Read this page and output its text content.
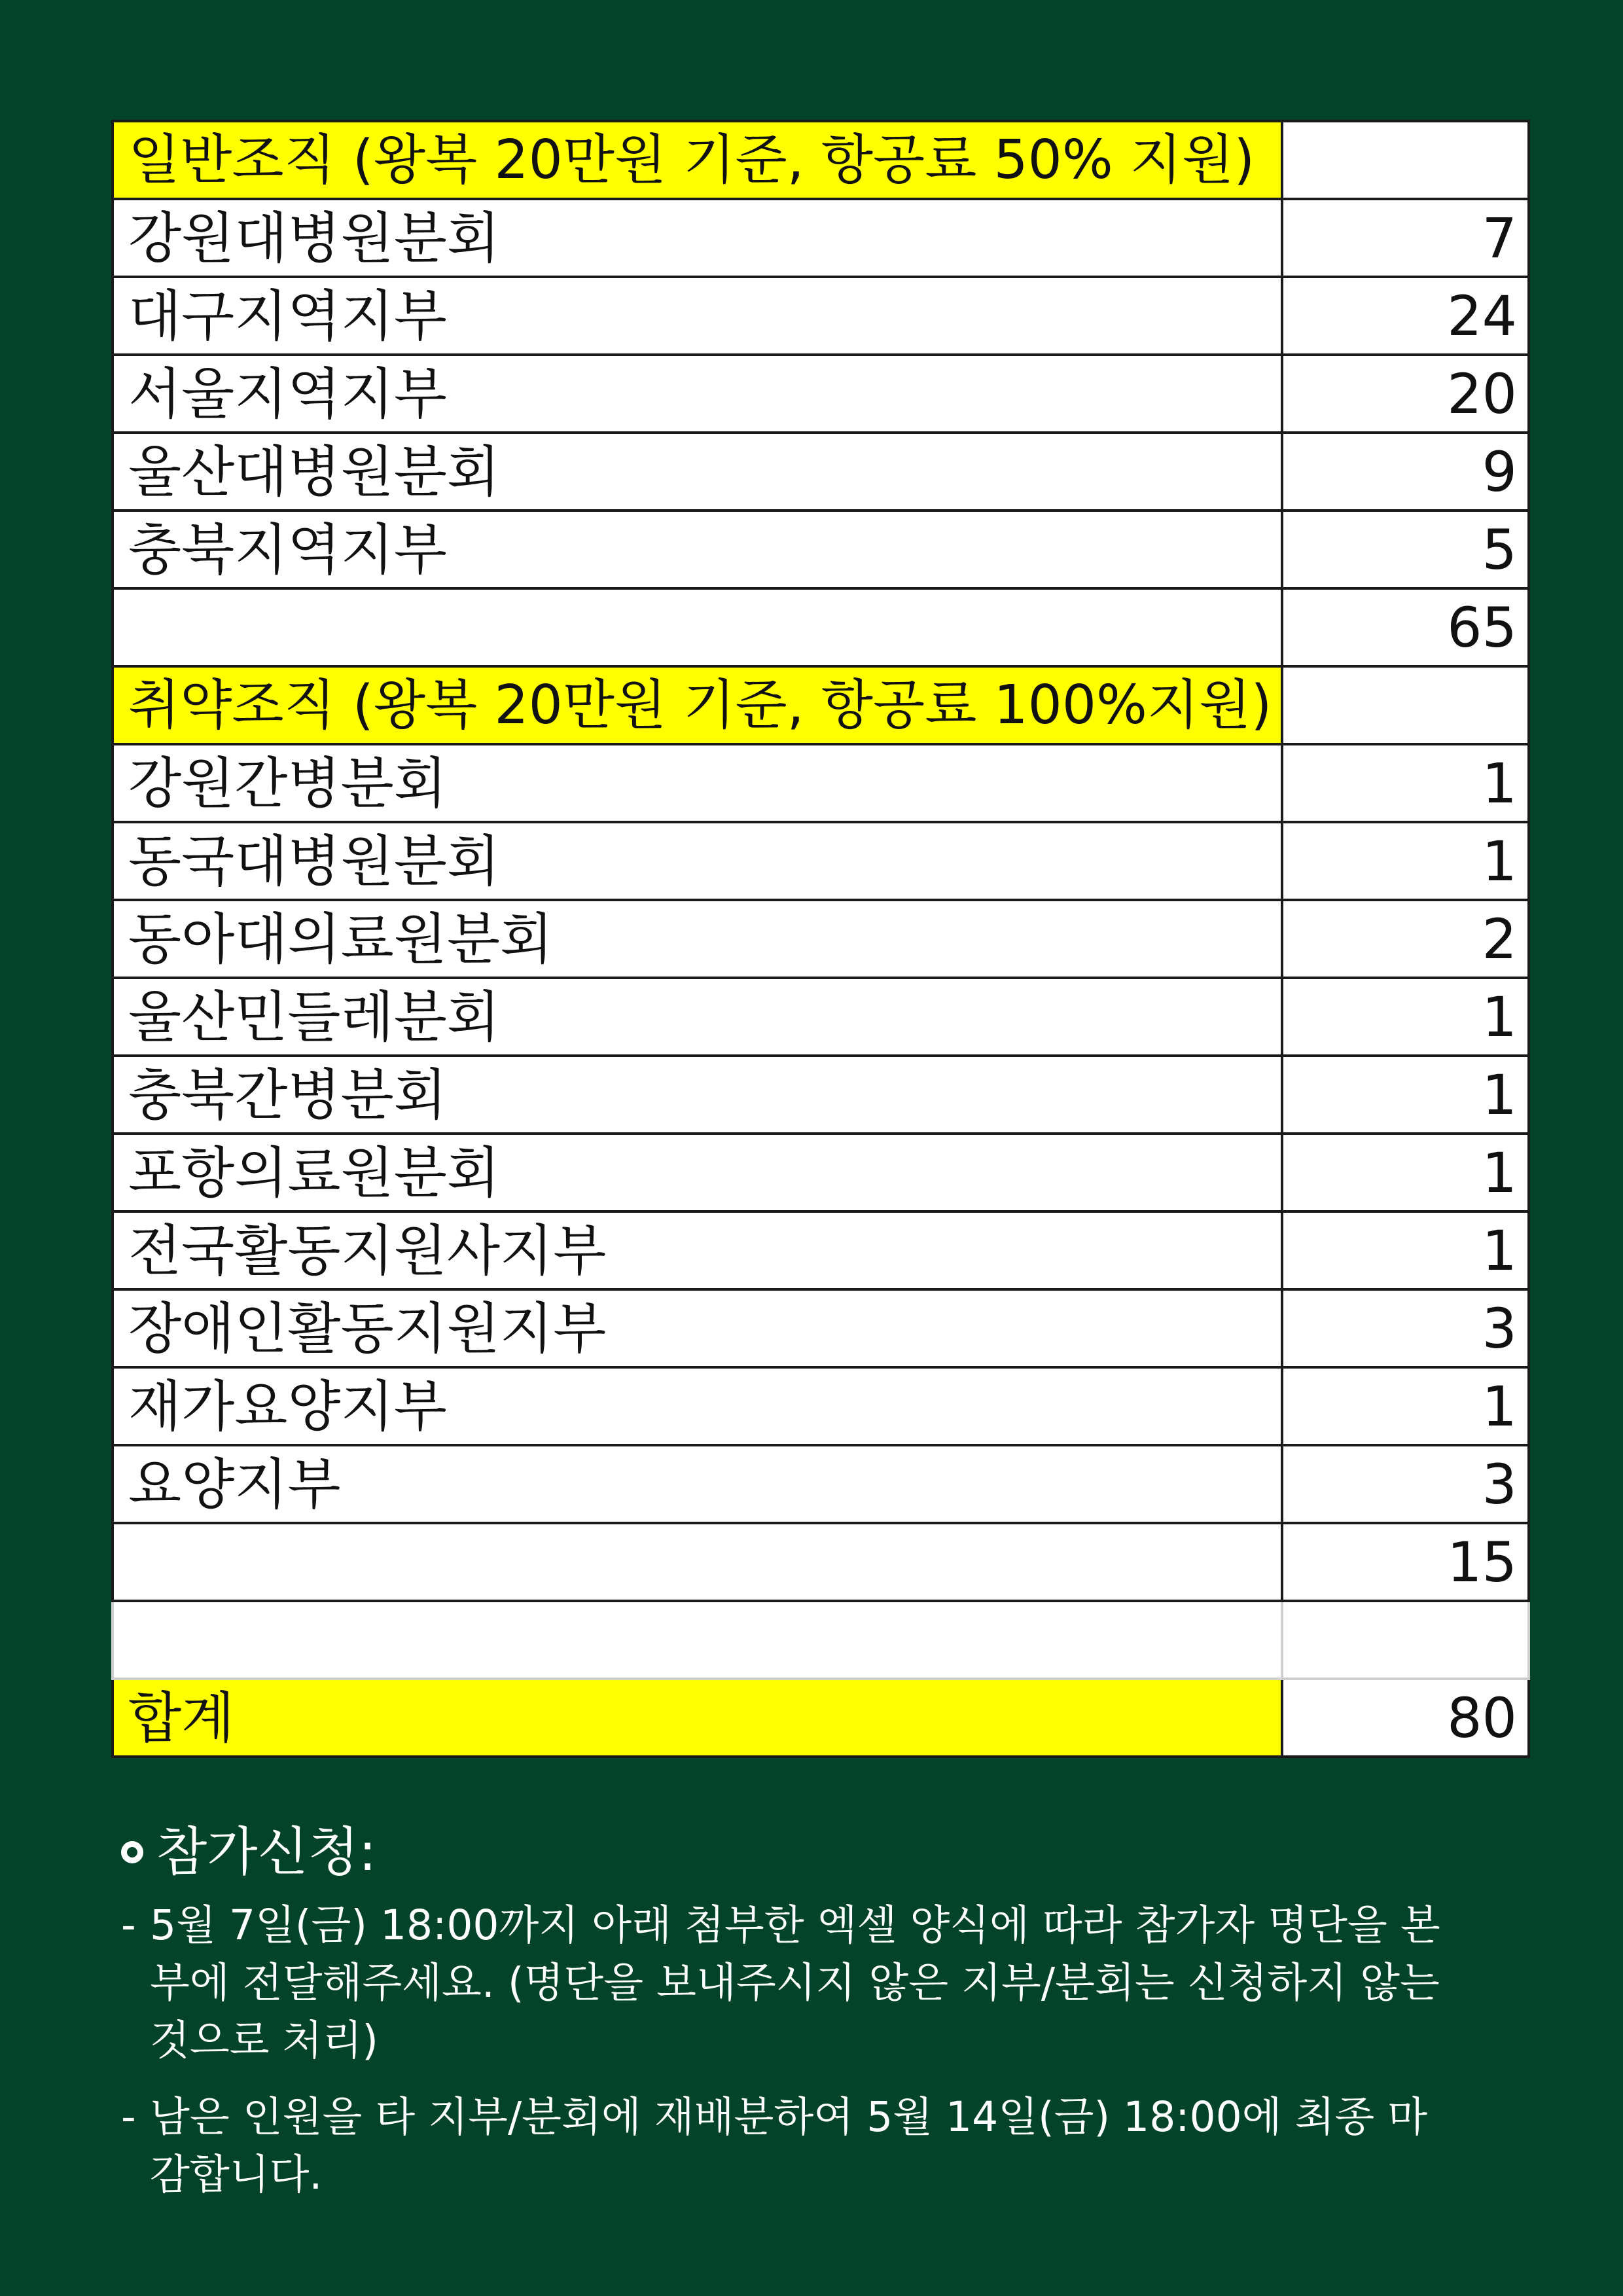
일반조직 (왕복 20만원 기준, 항공료 50% 지원)	
강원대병원분회	7
대구지역지부	24
서울지역지부	20
울산대병원분회	9
충북지역지부	5
	65
취약조직 (왕복 20만원 기준, 항공료 100%지원)	
강원간병분회	1
동국대병원분회	1
동아대의료원분회	2
울산민들레분회	1
충북간병분회	1
포항의료원분회	1
전국활동지원사지부	1
장애인활동지원지부	3
재가요양지부	1
요양지부	3
	15

합계	80
참가신청:
- 5월 7일(금) 18:00까지 아래 첨부한 엑셀 양식에 따라 참가자 명단을 본부에 전달해주세요. (명단을 보내주시지 않은 지부/분회는 신청하지 않는 것으로 처리)
- 남은 인원을 타 지부/분회에 재배분하여 5월 14일(금) 18:00에 최종 마감합니다.
